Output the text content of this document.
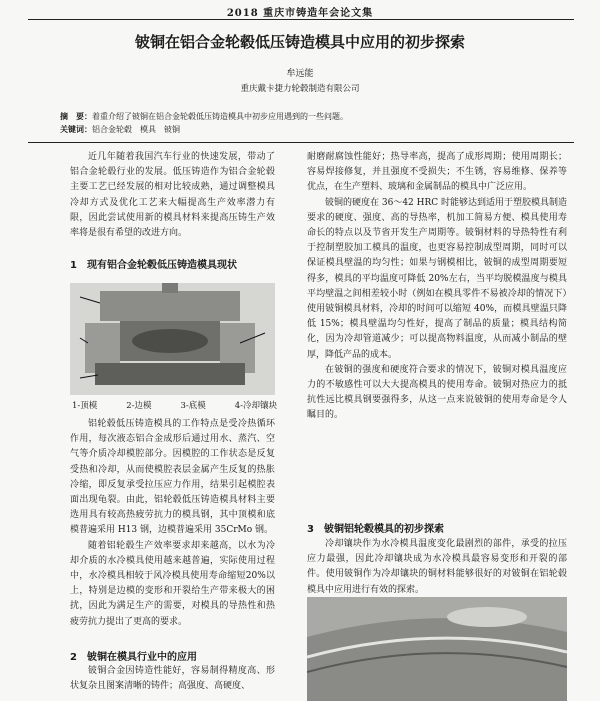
2018 重庆市铸造年会论文集
铍铜在铝合金轮毂低压铸造模具中应用的初步探索
牟远能
重庆戴卡捷力轮毂制造有限公司
摘　要：着重介绍了铍铜在铝合金轮毂低压铸造模具中初步应用遇到的一些问题。
关键词：铝合金轮毂　模具　铍铜

近几年随着我国汽车行业的快速发展，带动了铝合金轮毂行业的发展。低压铸造作为铝合金轮毂主要工艺已经发展的相对比较成熟，通过调整模具冷却方式及优化工艺来大幅提高生产效率潜力有限，因此尝试使用新的模具材料来提高压铸生产效率将是很有希望的改进方向。

1　现有铝合金轮毂低压铸造模具现状
1-顶模	2-边模	3-底模	4-冷却镶块

铝轮毂低压铸造模具的工作特点是受冷热循环作用，每次液态铝合金成形后通过用水、蒸汽、空气等介质冷却模腔部分。因模腔的工作状态是反复受热和冷却，从而使模腔表层金属产生反复的热胀冷缩，即反复承受拉压应力作用，结果引起模腔表面出现龟裂。由此，铝轮毂低压铸造模具材料主要选用具有较高热疲劳抗力的模具钢，其中顶模和底模普遍采用 H13 钢，边模普遍采用 35CrMo 钢。

随着铝轮毂生产效率要求却来越高，以水为冷却介质的水冷模具使用越来越普遍，实际使用过程中，水冷模具相较于风冷模具使用寿命缩短20%以上，特别是边模的变形和开裂给生产带来极大的困扰，因此为满足生产的需要，对模具的导热性和热疲劳抗力提出了更高的要求。

2　铍铜在模具行业中的应用

铍铜合金因铸造性能好，容易制得精度高、形状复杂且图案清晰的铸件；高强度、高硬度、

耐磨耐腐蚀性能好；热导率高，提高了成形周期；使用周期长；容易焊接修复，并且强度不受损失；不生锈，容易维修、保养等优点，在生产塑料、玻璃和金属制品的模具中广泛应用。

铍铜的硬度在 36～42 HRC 时能够达到适用于塑胶模具制造要求的硬度、强度、高的导热率，机加工简易方便、模具使用寿命长的特点以及节省开发生产周期等。铍铜材料的导热特性有利于控制塑胶加工模具的温度，也更容易控制成型周期，同时可以保证模具壁温的均匀性；如果与钢模相比，铍铜的成型周期要短得多，模具的平均温度可降低 20%左右，当平均脱模温度与模具平均壁温之间相差较小时（例如在模具零件不易被冷却的情况下）使用铍铜模具材料，冷却的时间可以缩短 40%，而模具壁温只降低 15%；模具壁温均匀性好，提高了制品的质量；模具结构简化，因为冷却管道减少；可以提高物料温度，从而减小制品的壁厚，降低产品的成本。

在铍铜的强度和硬度符合要求的情况下，铍铜对模具温度应力的不敏感性可以大大提高模具的使用寿命。铍铜对热应力的抵抗性远比模具钢要强得多，从这一点来说铍铜的使用寿命是令人瞩目的。

3　铍铜铝轮毂模具的初步探索

冷却镶块作为水冷模具温度变化最剧烈的部件，承受的拉压应力最强，因此冷却镶块成为水冷模具最容易变形和开裂的部件。使用铍铜作为冷却镶块的铜材料能够很好的对铍铜在铝轮毂模具中应用进行有效的探索。
